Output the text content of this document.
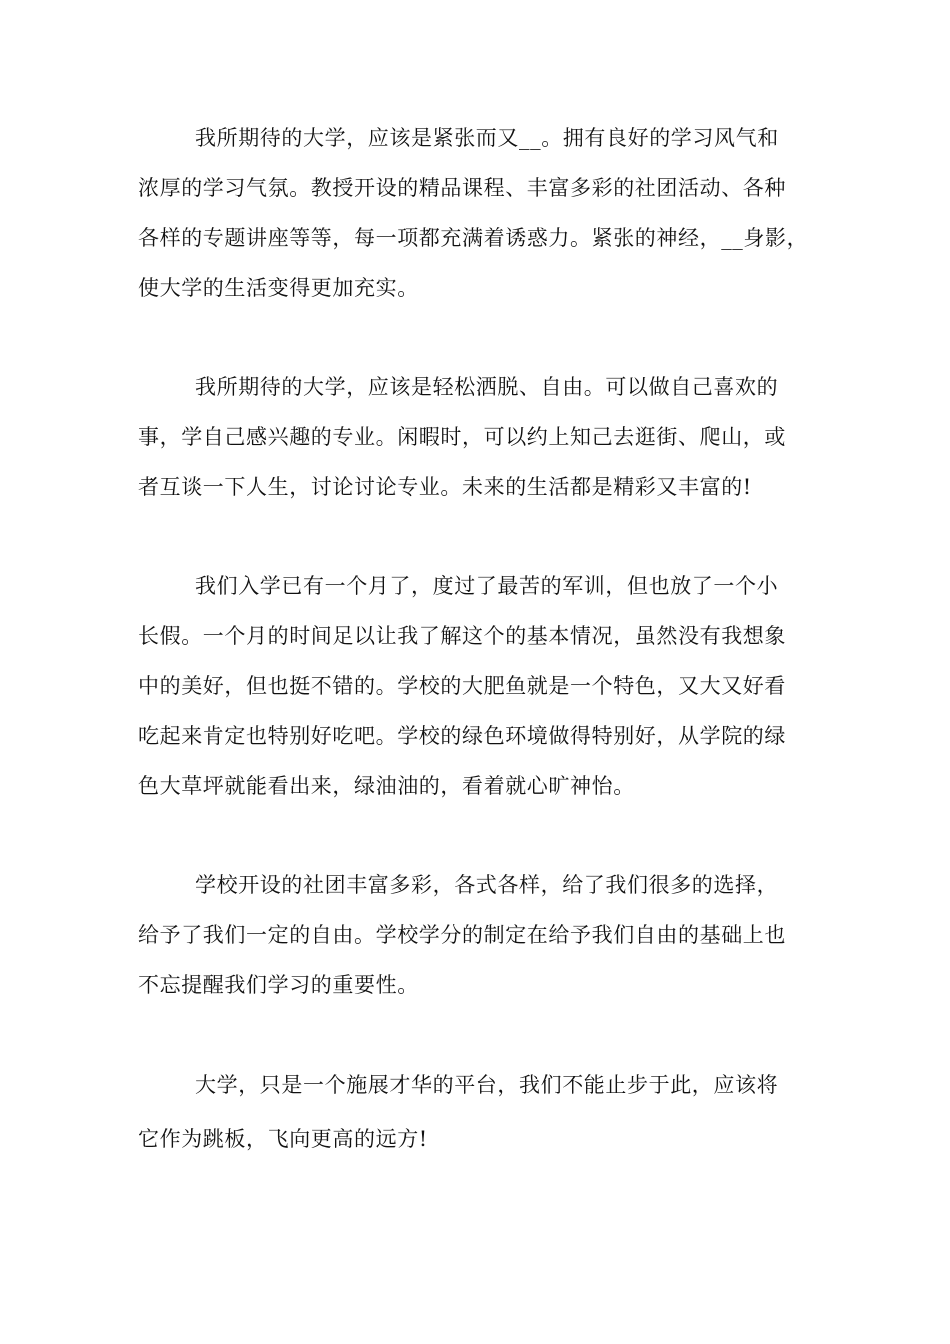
我所期待的大学，应该是紧张而又__。拥有良好的学习风气和
浓厚的学习气氛。教授开设的精品课程、丰富多彩的社团活动、各种
各样的专题讲座等等，每一项都充满着诱惑力。紧张的神经，__身影，
使大学的生活变得更加充实。
我所期待的大学，应该是轻松洒脱、自由。可以做自己喜欢的
事，学自己感兴趣的专业。闲暇时，可以约上知己去逛街、爬山，或
者互谈一下人生，讨论讨论专业。未来的生活都是精彩又丰富的!
我们入学已有一个月了，度过了最苦的军训，但也放了一个小
长假。一个月的时间足以让我了解这个的基本情况，虽然没有我想象
中的美好，但也挺不错的。学校的大肥鱼就是一个特色，又大又好看
吃起来肯定也特别好吃吧。学校的绿色环境做得特别好，从学院的绿
色大草坪就能看出来，绿油油的，看着就心旷神怡。
学校开设的社团丰富多彩，各式各样，给了我们很多的选择，
给予了我们一定的自由。学校学分的制定在给予我们自由的基础上也
不忘提醒我们学习的重要性。
大学，只是一个施展才华的平台，我们不能止步于此，应该将
它作为跳板，飞向更高的远方!
